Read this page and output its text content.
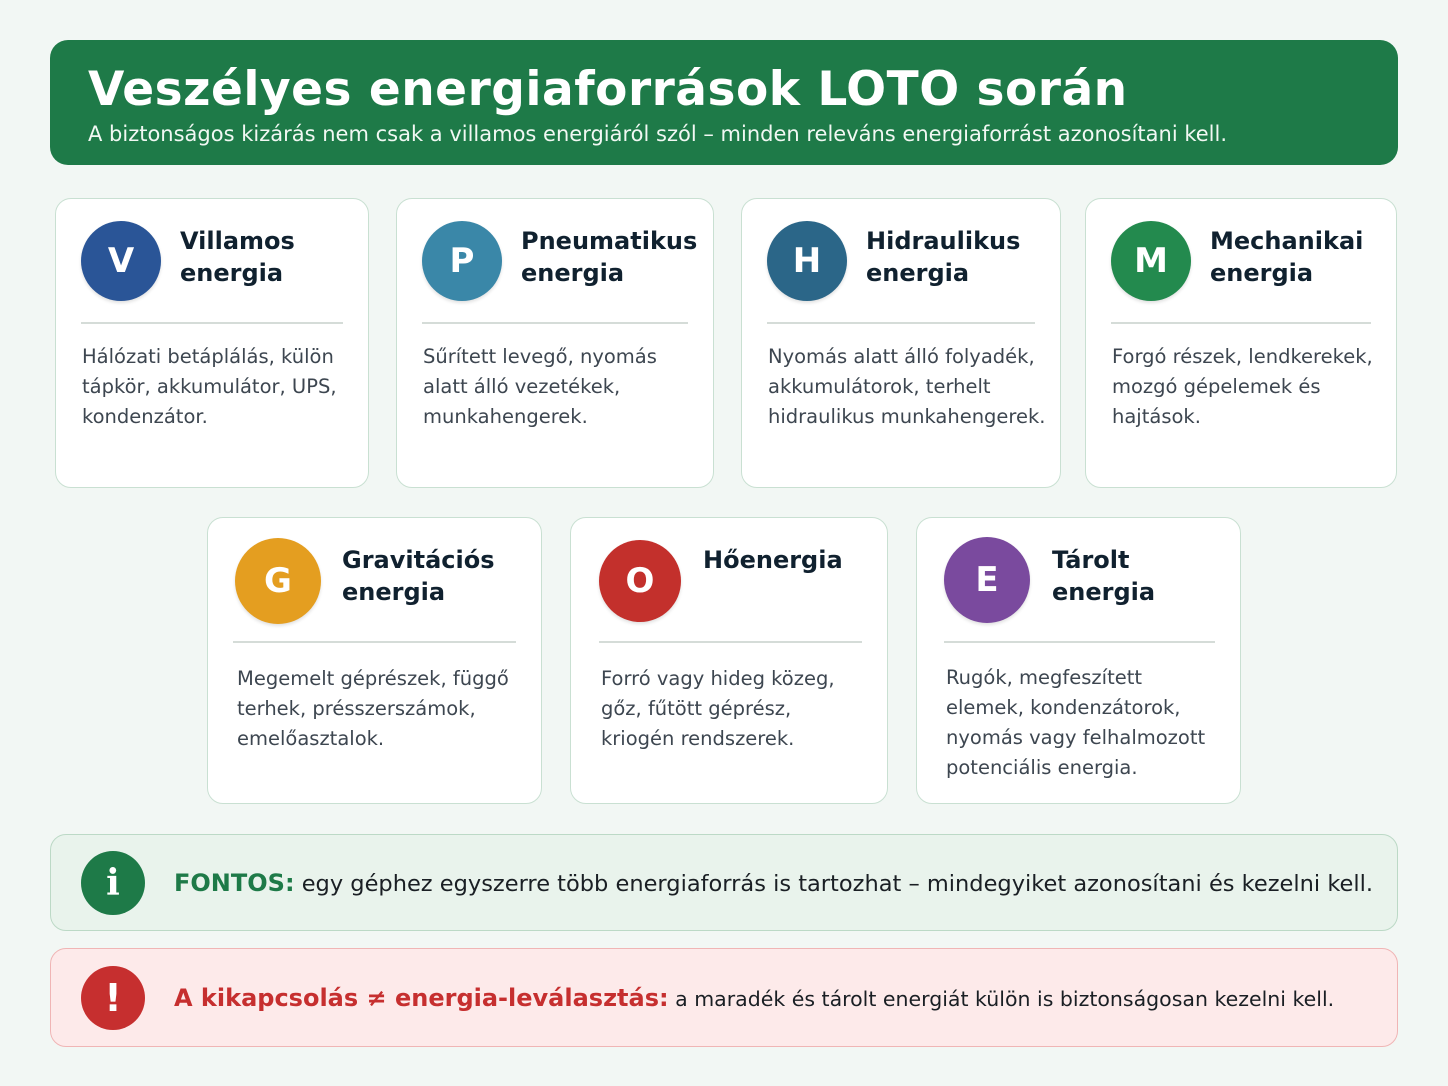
Veszélyes energiaforrások LOTO során
A biztonságos kizárás nem csak a villamos energiáról szól – minden releváns energiaforrást azonosítani kell.
V	Villamos energia
Hálózati betáplálás, külön tápkör, akkumulátor, UPS, kondenzátor.
P	Pneumatikus energia
Sűrített levegő, nyomás alatt álló vezetékek, munkahengerek.
H	Hidraulikus energia
Nyomás alatt álló folyadék, akkumulátorok, terhelt hidraulikus munkahengerek.
M	Mechanikai energia
Forgó részek, lendkerekek, mozgó gépelemek és hajtások.
G
Gravitációs energia
Megemelt géprészek, függő terhek, présszerszámok, emelőasztalok.
O
Hőenergia
Forró vagy hideg közeg, gőz, fűtött géprész, kriogén rendszerek.
E	Tárolt energia
Rugók, megfeszített elemek, kondenzátorok, nyomás vagy felhalmozott potenciális energia.
i	FONTOS: egy géphez egyszerre több energiaforrás is tartozhat – mindegyiket azonosítani és kezelni kell.
!	A kikapcsolás ≠ energia-leválasztás: a maradék és tárolt energiát külön is biztonságosan kezelni kell.
